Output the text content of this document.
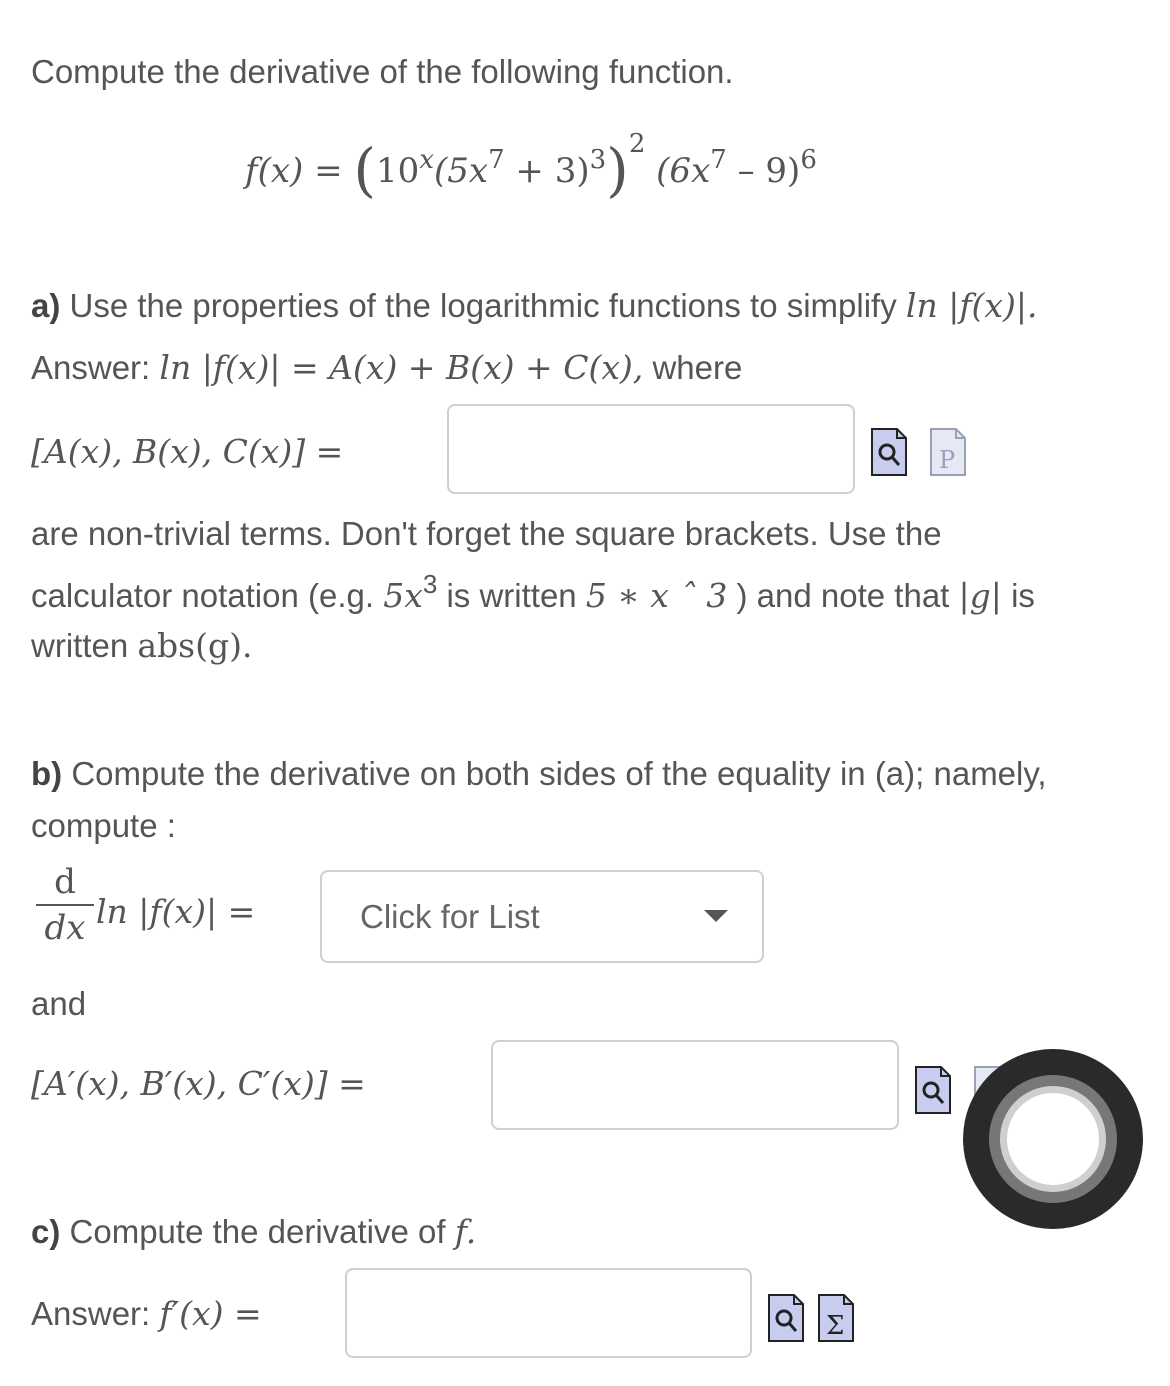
Compute the derivative of the following function.
$f(x) = (10^x(5x^7 + 3)^3)^2$ $(6x^7 - 9)^6$
a) Use the properties of the logarithmic functions to simplify ln |f(x)|.
Answer: ln |f(x)| = A(x) + B(x) + C(x), where
[A(x), B(x), C(x)] =	P
are non-trivial terms. Don't forget the square brackets. Use the
calculator notation (e.g. $5x^3$ is written 5 ∗ x ˆ 3 ) and note that |g| is
written abs(g).
b) Compute the derivative on both sides of the equality in (a); namely,
compute :
d
dx ln |f(x)| =	Click for List
and
[A′(x), B′(x), C′(x)] =
c) Compute the derivative of f.
Answer: f′(x) =	Σ
